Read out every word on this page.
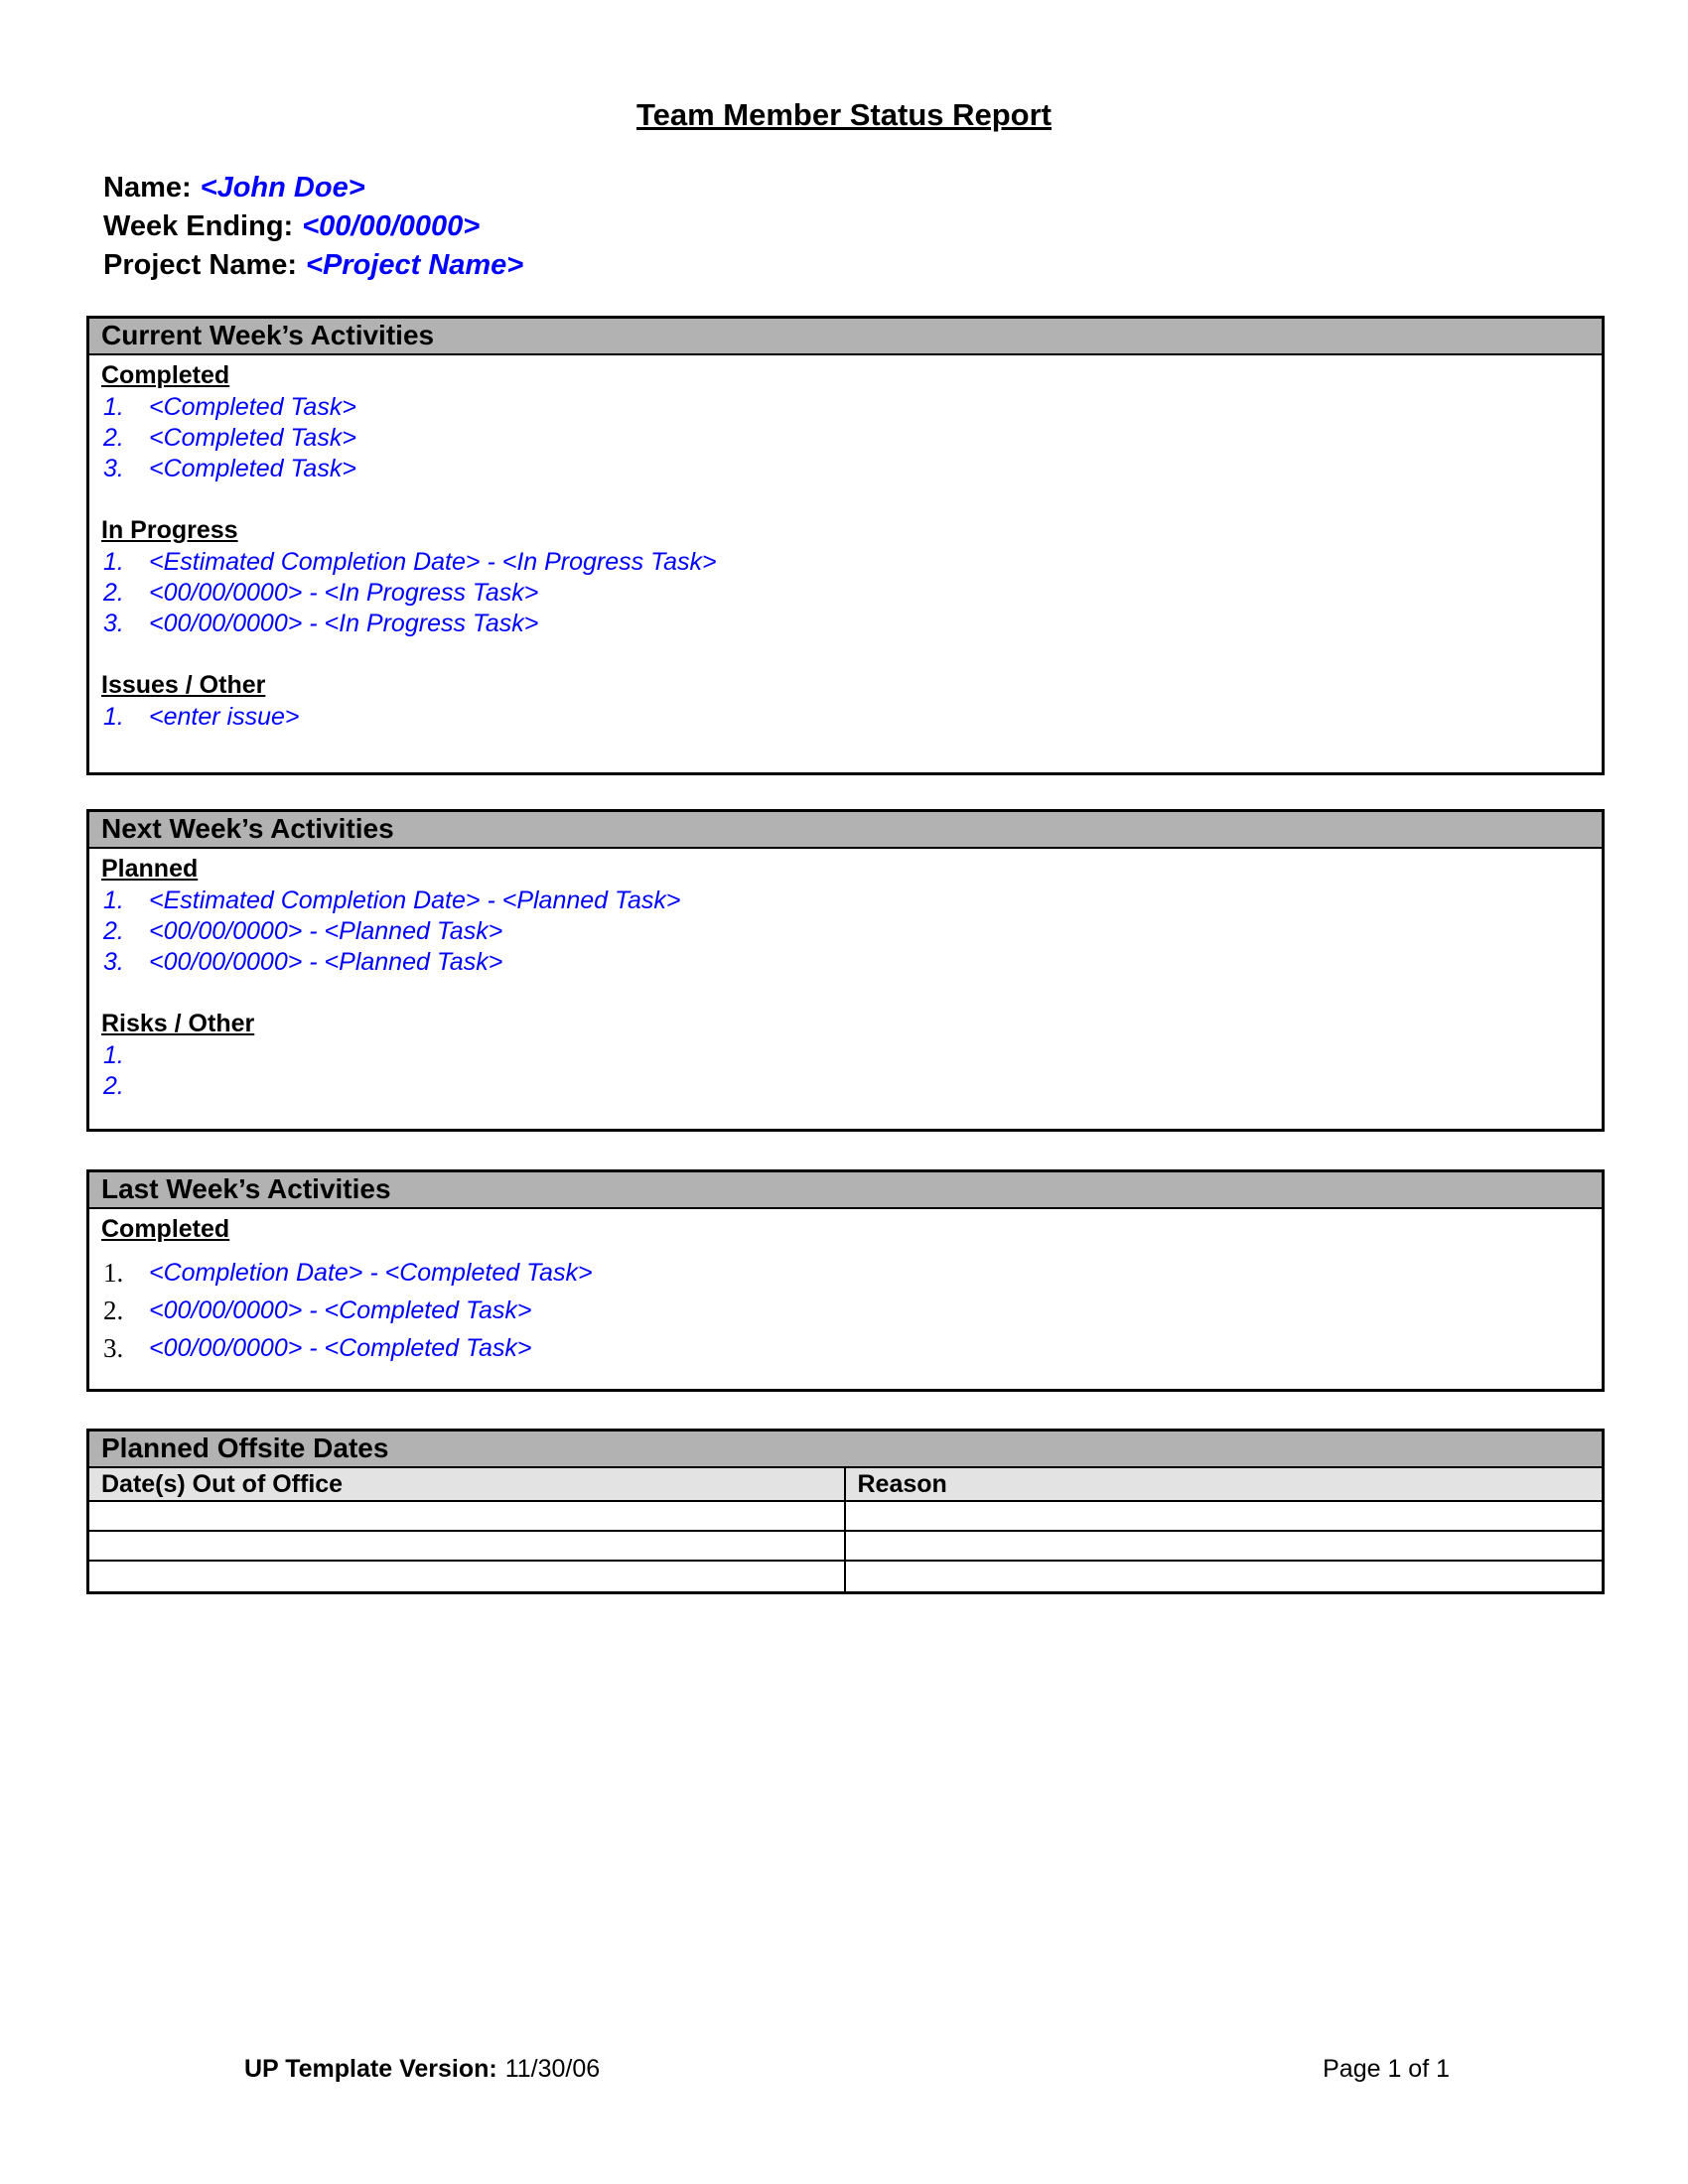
Team Member Status Report
Name: <John Doe>
Week Ending: <00/00/0000>
Project Name: <Project Name>
Current Week’s Activities
Completed
<Completed Task>
<Completed Task>
<Completed Task>
In Progress
<Estimated Completion Date> - <In Progress Task>
<00/00/0000> - <In Progress Task>
<00/00/0000> - <In Progress Task>
Issues / Other
<enter issue>
Next Week’s Activities
Planned
<Estimated Completion Date> - <Planned Task>
<00/00/0000> - <Planned Task>
<00/00/0000> - <Planned Task>
Risks / Other
Last Week’s Activities
Completed
<Completion Date> - <Completed Task>
<00/00/0000> - <Completed Task>
<00/00/0000> - <Completed Task>
Planned Offsite Dates
Date(s) Out of Office	Reason
UP Template Version: 11/30/06	Page 1 of 1
